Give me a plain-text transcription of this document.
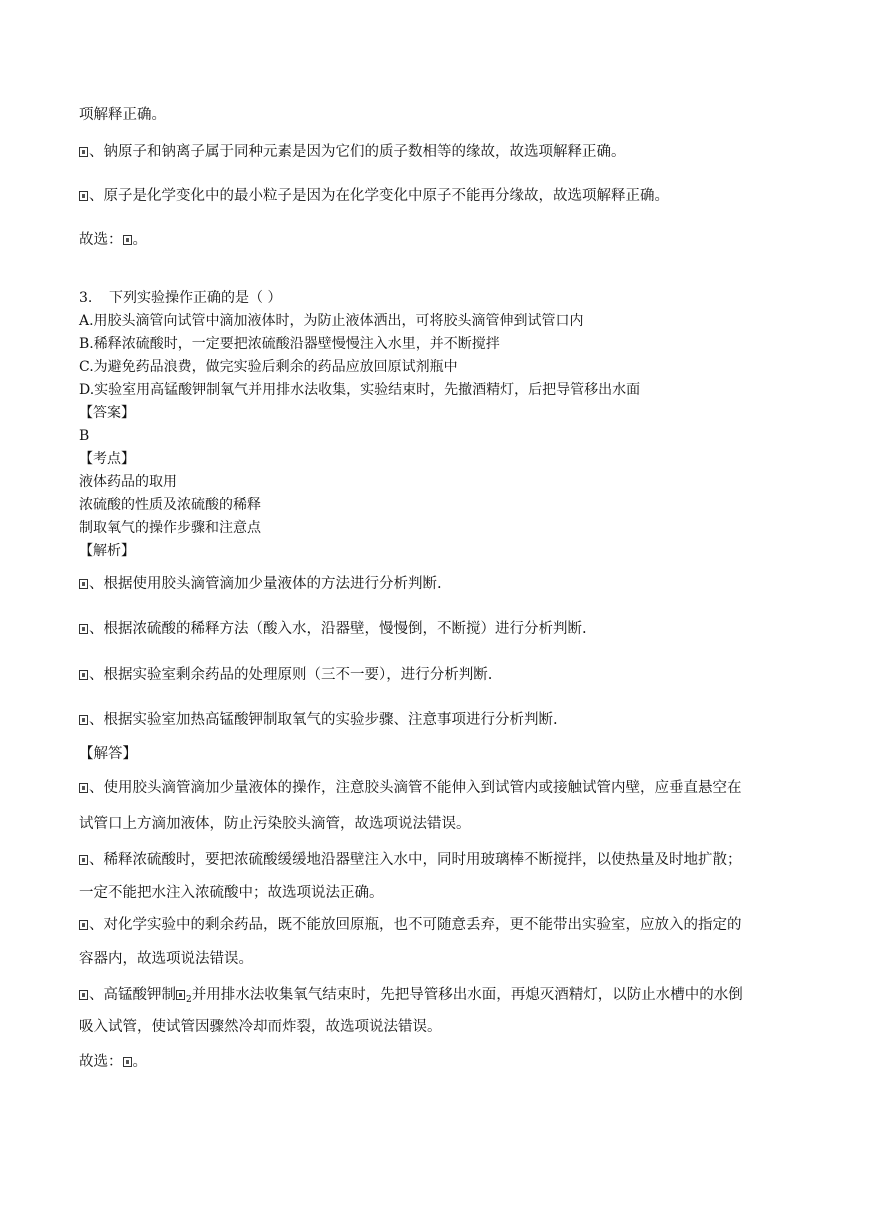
项解释正确。
、钠原子和钠离子属于同种元素是因为它们的质子数相等的缘故，故选项解释正确。
、原子是化学变化中的最小粒子是因为在化学变化中原子不能再分缘故，故选项解释正确。
故选： 。
3. 下列实验操作正确的是（ ）
A.用胶头滴管向试管中滴加液体时，为防止液体洒出，可将胶头滴管伸到试管口内
B.稀释浓硫酸时，一定要把浓硫酸沿器壁慢慢注入水里，并不断搅拌
C.为避免药品浪费，做完实验后剩余的药品应放回原试剂瓶中
D.实验室用高锰酸钾制氧气并用排水法收集，实验结束时，先撤酒精灯，后把导管移出水面
【答案】
B
【考点】
液体药品的取用
浓硫酸的性质及浓硫酸的稀释
制取氧气的操作步骤和注意点
【解析】
、根据使用胶头滴管滴加少量液体的方法进行分析判断.
、根据浓硫酸的稀释方法（酸入水，沿器壁，慢慢倒，不断搅）进行分析判断.
、根据实验室剩余药品的处理原则（三不一要），进行分析判断.
、根据实验室加热高锰酸钾制取氧气的实验步骤、注意事项进行分析判断.
【解答】
、使用胶头滴管滴加少量液体的操作，注意胶头滴管不能伸入到试管内或接触试管内壁，应垂直悬空在
试管口上方滴加液体，防止污染胶头滴管，故选项说法错误。
、稀释浓硫酸时，要把浓硫酸缓缓地沿器壁注入水中，同时用玻璃棒不断搅拌，以使热量及时地扩散；
一定不能把水注入浓硫酸中；故选项说法正确。
、对化学实验中的剩余药品，既不能放回原瓶，也不可随意丢弃，更不能带出实验室，应放入的指定的
容器内，故选项说法错误。
、高锰酸钾制 $_2$并用排水法收集氧气结束时，先把导管移出水面，再熄灭酒精灯，以防止水槽中的水倒
吸入试管，使试管因骤然冷却而炸裂，故选项说法错误。
故选： 。
